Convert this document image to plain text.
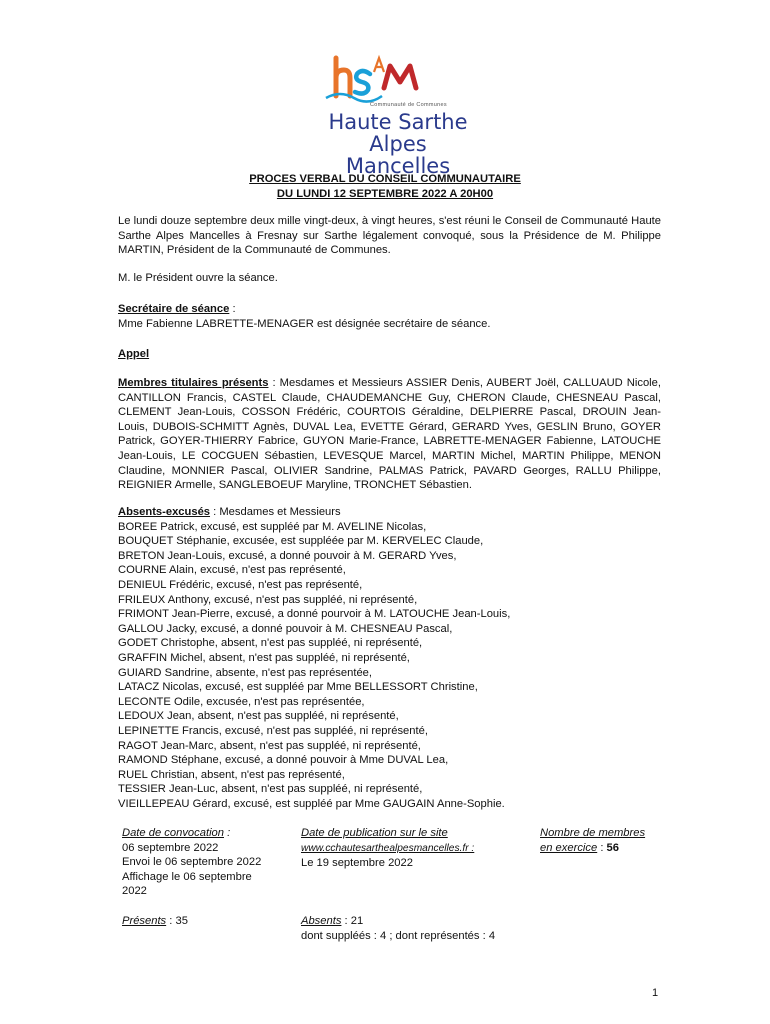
Communauté de Communes
Haute Sarthe
Alpes Mancelles
PROCES VERBAL DU CONSEIL COMMUNAUTAIRE
DU LUNDI 12 SEPTEMBRE 2022 A 20H00
Le lundi douze septembre deux mille vingt-deux, à vingt heures, s'est réuni le Conseil de Communauté Haute Sarthe Alpes Mancelles à Fresnay sur Sarthe légalement convoqué, sous la Présidence de M. Philippe MARTIN, Président de la Communauté de Communes.
M. le Président ouvre la séance.
Secrétaire de séance :
Mme Fabienne LABRETTE-MENAGER est désignée secrétaire de séance.
Appel
Membres titulaires présents : Mesdames et Messieurs ASSIER Denis, AUBERT Joël, CALLUAUD Nicole, CANTILLON Francis, CASTEL Claude, CHAUDEMANCHE Guy, CHERON Claude, CHESNEAU Pascal, CLEMENT Jean-Louis, COSSON Frédéric, COURTOIS Géraldine, DELPIERRE Pascal, DROUIN Jean-Louis, DUBOIS-SCHMITT Agnès, DUVAL Lea, EVETTE Gérard, GERARD Yves, GESLIN Bruno, GOYER Patrick, GOYER-THIERRY Fabrice, GUYON Marie-France, LABRETTE-MENAGER Fabienne, LATOUCHE Jean-Louis, LE COCGUEN Sébastien, LEVESQUE Marcel, MARTIN Michel, MARTIN Philippe, MENON Claudine, MONNIER Pascal, OLIVIER Sandrine, PALMAS Patrick, PAVARD Georges, RALLU Philippe, REIGNIER Armelle, SANGLEBOEUF Maryline, TRONCHET Sébastien.
Absents-excusés : Mesdames et Messieurs
BOREE Patrick, excusé, est suppléé par M. AVELINE Nicolas,
BOUQUET Stéphanie, excusée, est suppléée par M. KERVELEC Claude,
BRETON Jean-Louis, excusé, a donné pouvoir à M. GERARD Yves,
COURNE Alain, excusé, n'est pas représenté,
DENIEUL Frédéric, excusé, n'est pas représenté,
FRILEUX Anthony, excusé, n'est pas suppléé, ni représenté,
FRIMONT Jean-Pierre, excusé, a donné pourvoir à M. LATOUCHE Jean-Louis,
GALLOU Jacky, excusé, a donné pouvoir à M. CHESNEAU Pascal,
GODET Christophe, absent, n'est pas suppléé, ni représenté,
GRAFFIN Michel, absent, n'est pas suppléé, ni représenté,
GUIARD Sandrine, absente, n'est pas représentée,
LATACZ Nicolas, excusé, est suppléé par Mme BELLESSORT Christine,
LECONTE Odile, excusée, n'est pas représentée,
LEDOUX Jean, absent, n'est pas suppléé, ni représenté,
LEPINETTE Francis, excusé, n'est pas suppléé, ni représenté,
RAGOT Jean-Marc, absent, n'est pas suppléé, ni représenté,
RAMOND Stéphane, excusé, a donné pouvoir à Mme DUVAL Lea,
RUEL Christian, absent, n'est pas représenté,
TESSIER Jean-Luc, absent, n'est pas suppléé, ni représenté,
VIEILLEPEAU Gérard, excusé, est suppléé par Mme GAUGAIN Anne-Sophie.
Date de convocation :
06 septembre 2022
Envoi le 06 septembre 2022
Affichage le 06 septembre
2022
Date de publication sur le site
www.cchautesarthealpesmancelles.fr :
Le 19 septembre 2022
Nombre de membres
en exercice : 56
Présents : 35	Absents : 21
dont suppléés : 4 ; dont représentés : 4
1
